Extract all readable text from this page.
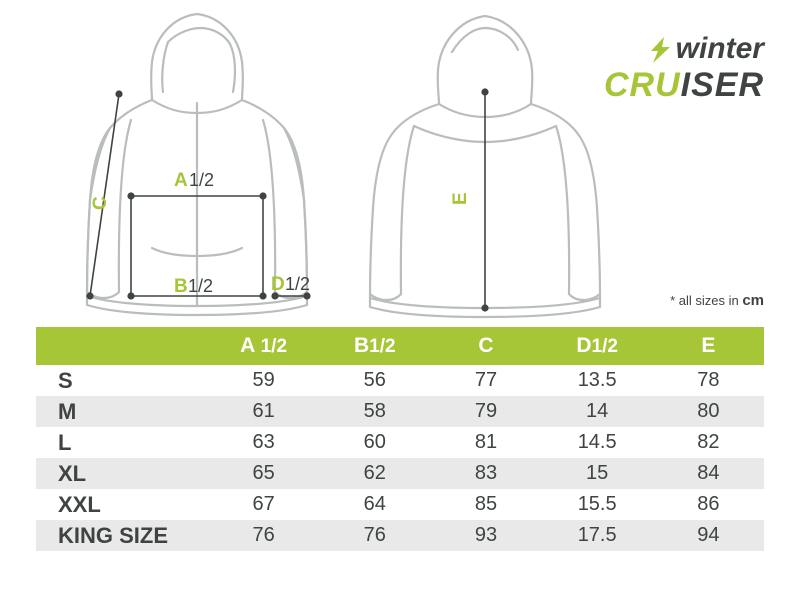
winter
CRUISER
A 1/2
B 1/2
C
D 1/2
E
* all sizes in cm
	A 1/2	B1/2	C	D1/2	E
S	59	56	77	13.5	78
M	61	58	79	14	80
L	63	60	81	14.5	82
XL	65	62	83	15	84
XXL	67	64	85	15.5	86
KING SIZE	76	76	93	17.5	94
